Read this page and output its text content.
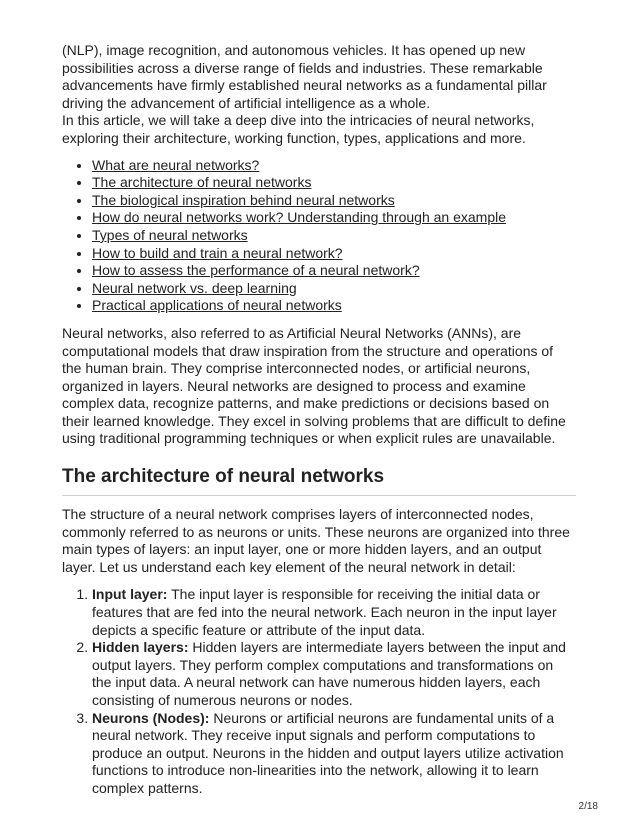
(NLP), image recognition, and autonomous vehicles. It has opened up new possibilities across a diverse range of fields and industries. These remarkable advancements have firmly established neural networks as a fundamental pillar driving the advancement of artificial intelligence as a whole.

In this article, we will take a deep dive into the intricacies of neural networks, exploring their architecture, working function, types, applications and more.

• What are neural networks?
• The architecture of neural networks
• The biological inspiration behind neural networks
• How do neural networks work? Understanding through an example
• Types of neural networks
• How to build and train a neural network?
• How to assess the performance of a neural network?
• Neural network vs. deep learning
• Practical applications of neural networks

Neural networks, also referred to as Artificial Neural Networks (ANNs), are computational models that draw inspiration from the structure and operations of the human brain. They comprise interconnected nodes, or artificial neurons, organized in layers. Neural networks are designed to process and examine complex data, recognize patterns, and make predictions or decisions based on their learned knowledge. They excel in solving problems that are difficult to define using traditional programming techniques or when explicit rules are unavailable.

The architecture of neural networks

The structure of a neural network comprises layers of interconnected nodes, commonly referred to as neurons or units. These neurons are organized into three main types of layers: an input layer, one or more hidden layers, and an output layer. Let us understand each key element of the neural network in detail:

1. Input layer: The input layer is responsible for receiving the initial data or features that are fed into the neural network. Each neuron in the input layer depicts a specific feature or attribute of the input data.
2. Hidden layers: Hidden layers are intermediate layers between the input and output layers. They perform complex computations and transformations on the input data. A neural network can have numerous hidden layers, each consisting of numerous neurons or nodes.
3. Neurons (Nodes): Neurons or artificial neurons are fundamental units of a neural network. They receive input signals and perform computations to produce an output. Neurons in the hidden and output layers utilize activation functions to introduce non-linearities into the network, allowing it to learn complex patterns.
2/18
